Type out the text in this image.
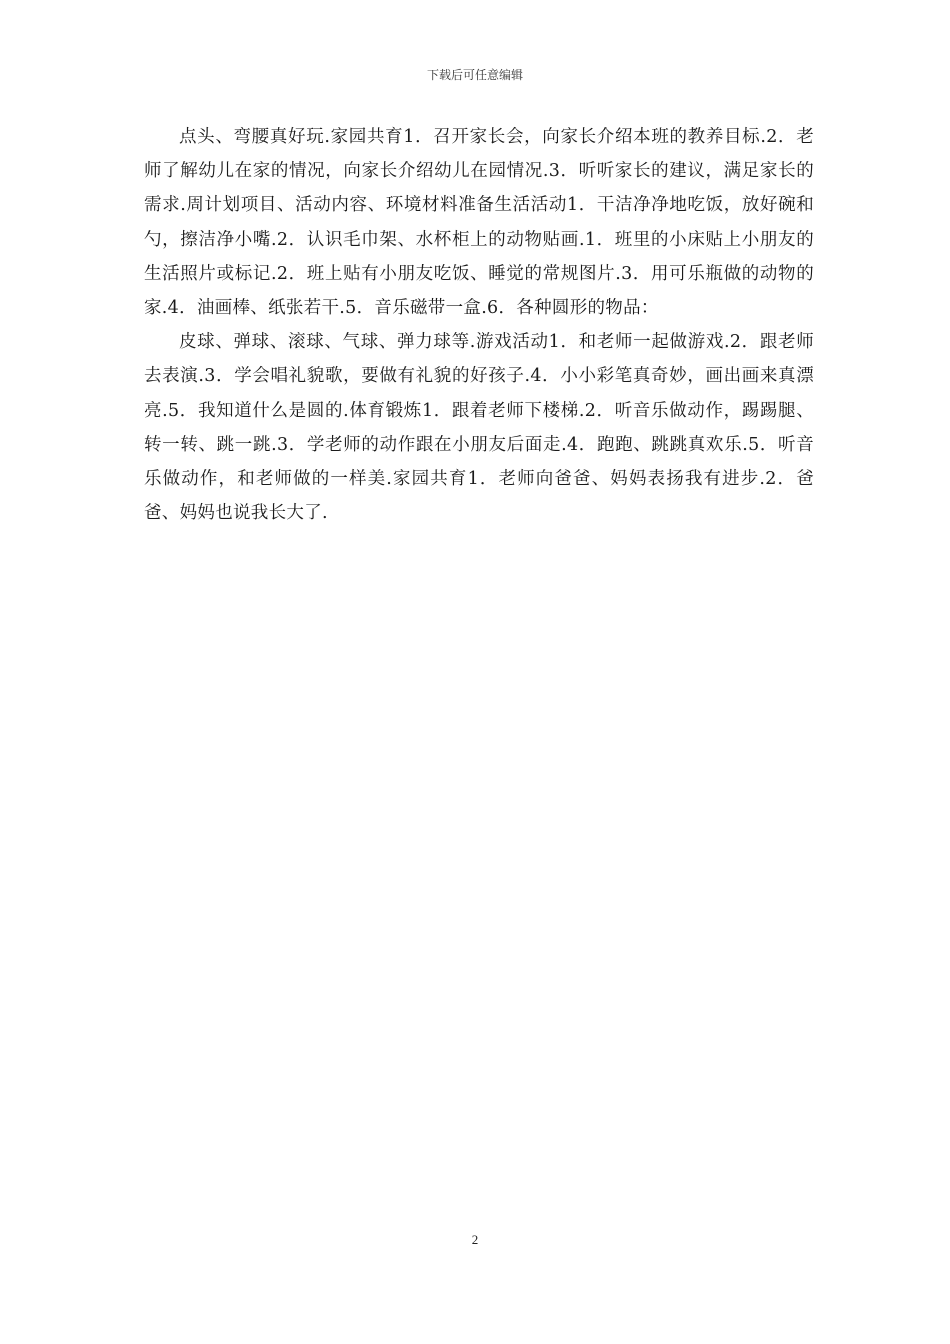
下载后可任意编辑

点头、弯腰真好玩.家园共育1．召开家长会，向家长介绍本班的教养目标.2．老师了解幼儿在家的情况，向家长介绍幼儿在园情况.3．听听家长的建议，满足家长的需求.周计划项目、活动内容、环境材料准备生活活动1．干洁净净地吃饭，放好碗和勺，擦洁净小嘴.2．认识毛巾架、水杯柜上的动物贴画.1．班里的小床贴上小朋友的生活照片或标记.2．班上贴有小朋友吃饭、睡觉的常规图片.3．用可乐瓶做的动物的家.4．油画棒、纸张若干.5．音乐磁带一盒.6．各种圆形的物品：

皮球、弹球、滚球、气球、弹力球等.游戏活动1．和老师一起做游戏.2．跟老师去表演.3．学会唱礼貌歌，要做有礼貌的好孩子.4．小小彩笔真奇妙，画出画来真漂亮.5．我知道什么是圆的.体育锻炼1．跟着老师下楼梯.2．听音乐做动作，踢踢腿、转一转、跳一跳.3．学老师的动作跟在小朋友后面走.4．跑跑、跳跳真欢乐.5．听音乐做动作，和老师做的一样美.家园共育1．老师向爸爸、妈妈表扬我有进步.2．爸爸、妈妈也说我长大了.

2
